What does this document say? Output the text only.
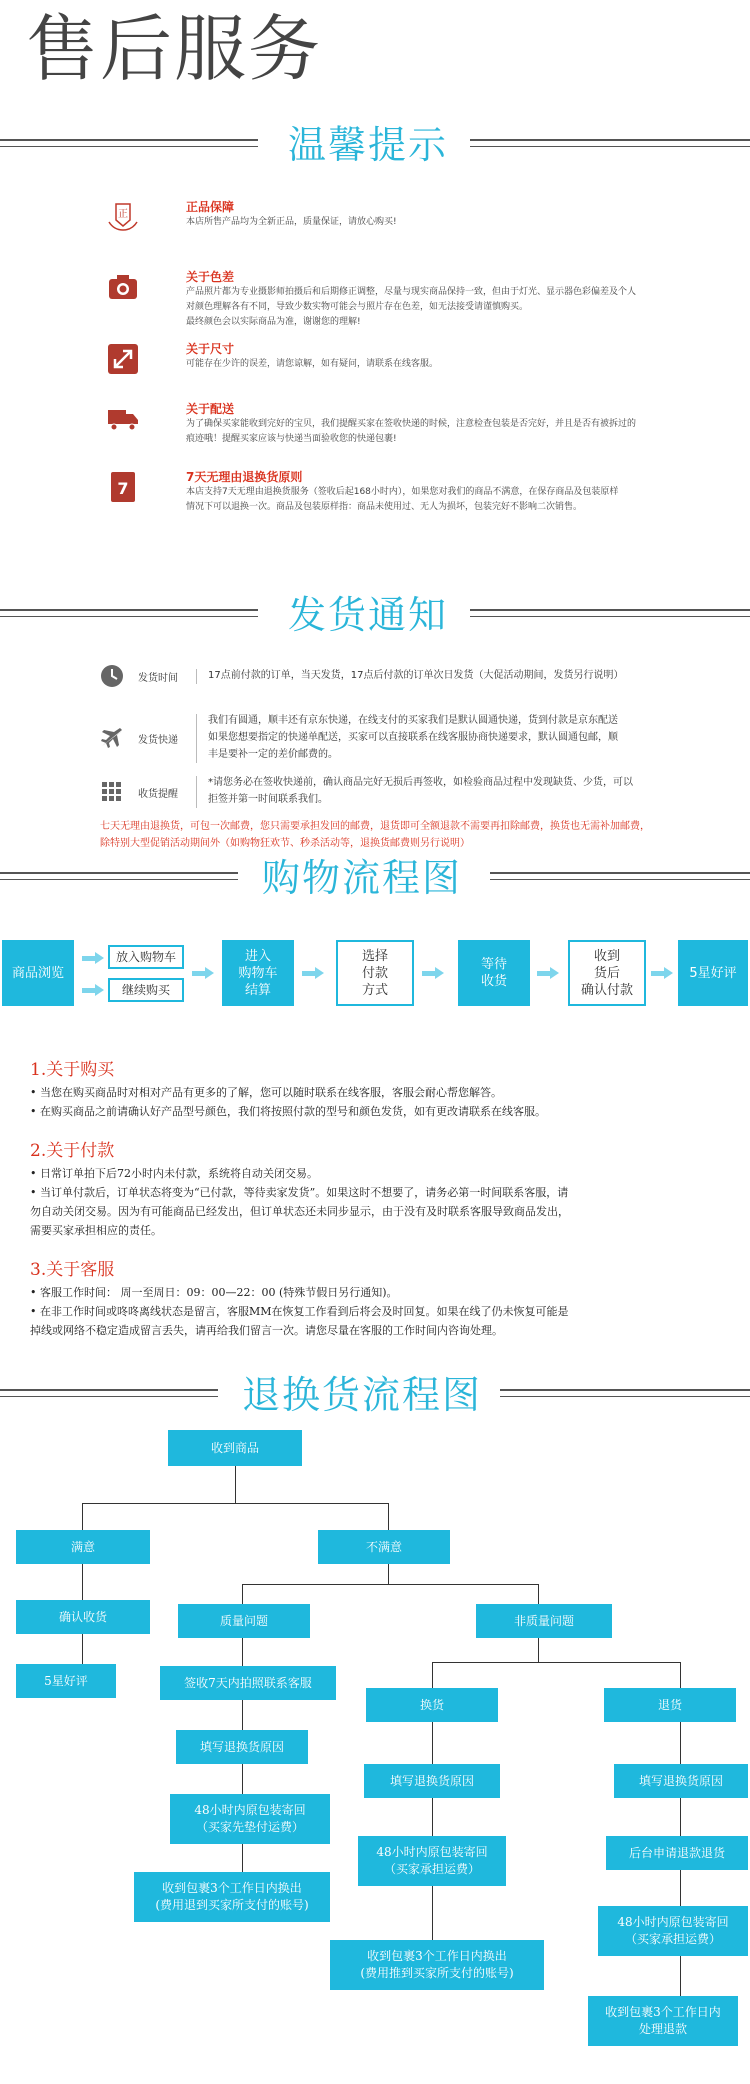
售后服务
温馨提示
正
正品保障
本店所售产品均为全新正品，质量保证，请放心购买!
关于色差
产品照片都为专业摄影师拍摄后和后期修正调整，尽量与现实商品保持一致，但由于灯光、显示器色彩偏差及个人
对颜色理解各有不同，导致少数实物可能会与照片存在色差，如无法接受请谨慎购买。
最终颜色会以实际商品为准，谢谢您的理解!
关于尺寸
可能存在少许的误差，请您谅解，如有疑问，请联系在线客服。
关于配送
为了确保买家能收到完好的宝贝，我们提醒买家在签收快递的时候，注意检查包装是否完好，并且是否有被拆过的
痕迹哦！提醒买家应该与快递当面验收您的快递包裹!
7
7天无理由退换货原则
本店支持7天无理由退换货服务（签收后起168小时内），如果您对我们的商品不满意，在保存商品及包装原样
情况下可以退换一次。商品及包装原样指：商品未使用过、无人为损坏，包装完好不影响二次销售。
发货通知
发货时间	17点前付款的订单，当天发货，17点后付款的订单次日发货（大促活动期间，发货另行说明）
发货快递
我们有圆通，顺丰还有京东快递，在线支付的买家我们是默认圆通快递，货到付款是京东配送
如果您想要指定的快递单配送，买家可以直接联系在线客服协商快递要求，默认圆通包邮，顺
丰是要补一定的差价邮费的。
收货提醒
*请您务必在签收快递前，确认商品完好无损后再签收，如检验商品过程中发现缺货、少货，可以
拒签并第一时间联系我们。
七天无理由退换货，可包一次邮费，您只需要承担发回的邮费，退货即可全额退款不需要再扣除邮费，换货也无需补加邮费，
除特别大型促销活动期间外（如购物狂欢节、秒杀活动等，退换货邮费则另行说明）
购物流程图
商品浏览
放入购物车
继续购买
进入
购物车
结算
选择
付款
方式
等待
收货
收到
货后
确认付款
5星好评
1.关于购买
• 当您在购买商品时对相对产品有更多的了解，您可以随时联系在线客服，客服会耐心帮您解答。
• 在购买商品之前请确认好产品型号颜色，我们将按照付款的型号和颜色发货，如有更改请联系在线客服。
2.关于付款
• 日常订单拍下后72小时内未付款，系统将自动关闭交易。
• 当订单付款后，订单状态将变为“已付款，等待卖家发货”。如果这时不想要了，请务必第一时间联系客服，请
勿自动关闭交易。因为有可能商品已经发出，但订单状态还未同步显示，由于没有及时联系客服导致商品发出，
需要买家承担相应的责任。
3.关于客服
• 客服工作时间： 周一至周日：09：00—22：00 (特殊节假日另行通知)。
• 在非工作时间或咚咚离线状态是留言，客服MM在恢复工作看到后将会及时回复。如果在线了仍未恢复可能是
掉线或网络不稳定造成留言丢失，请再给我们留言一次。请您尽量在客服的工作时间内咨询处理。
退换货流程图
收到商品
满意
确认收货
5星好评
不满意
质量问题
签收7天内拍照联系客服
填写退换货原因
48小时内原包装寄回
（买家先垫付运费）
收到包裹3个工作日内换出
(费用退到买家所支付的账号)
非质量问题
换货
填写退换货原因
48小时内原包装寄回
（买家承担运费）
收到包裹3个工作日内换出
(费用推到买家所支付的账号)
退货
填写退换货原因
后台申请退款退货
48小时内原包装寄回
（买家承担运费）
收到包裹3个工作日内
处理退款
